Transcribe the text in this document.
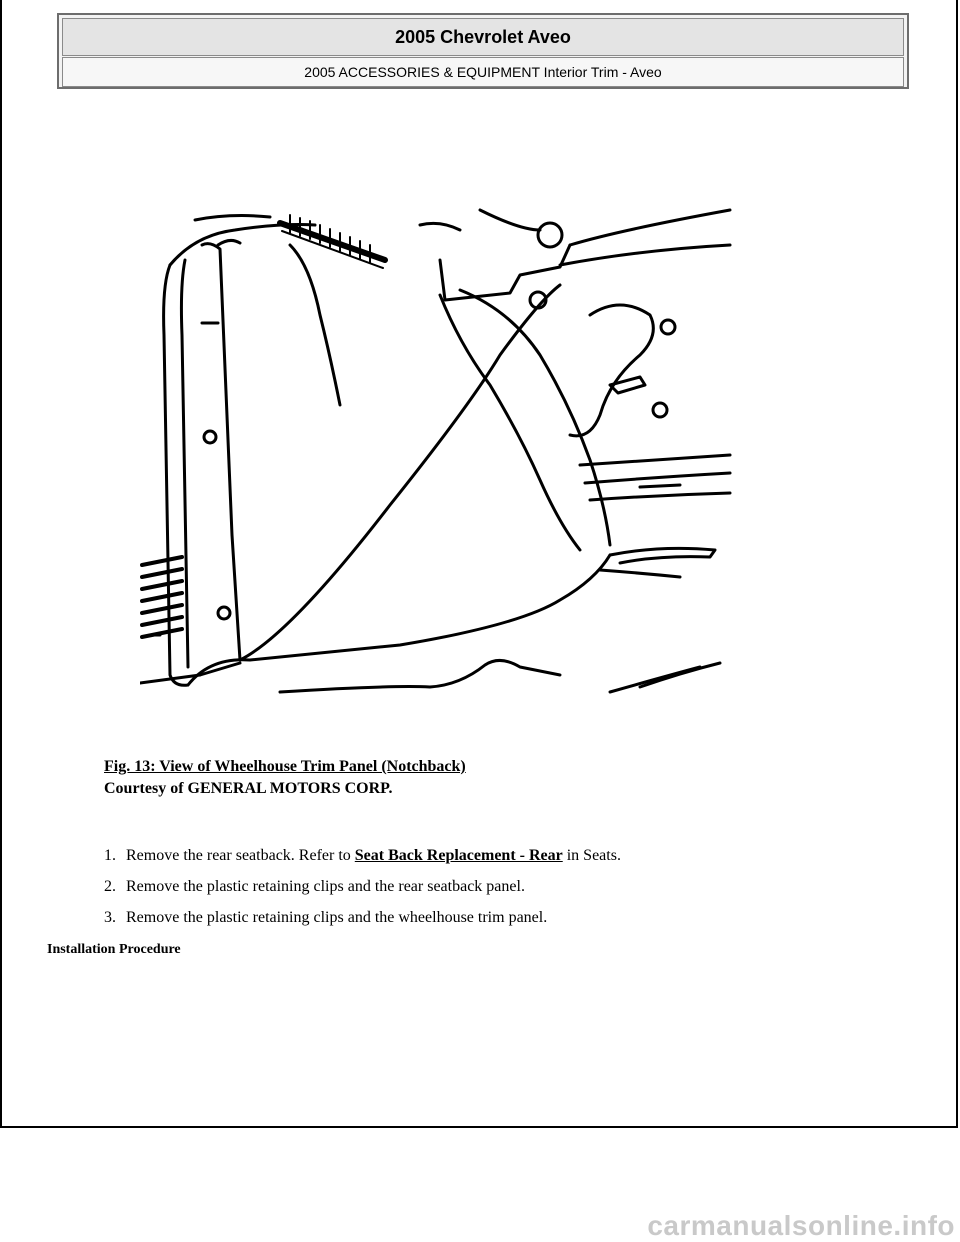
2005 Chevrolet Aveo
2005 ACCESSORIES & EQUIPMENT Interior Trim - Aveo
Fig. 13: View of Wheelhouse Trim Panel (Notchback)
Courtesy of GENERAL MOTORS CORP.
1. Remove the rear seatback. Refer to Seat Back Replacement - Rear in Seats.
2. Remove the plastic retaining clips and the rear seatback panel.
3. Remove the plastic retaining clips and the wheelhouse trim panel.
Installation Procedure
carmanualsonline.info
